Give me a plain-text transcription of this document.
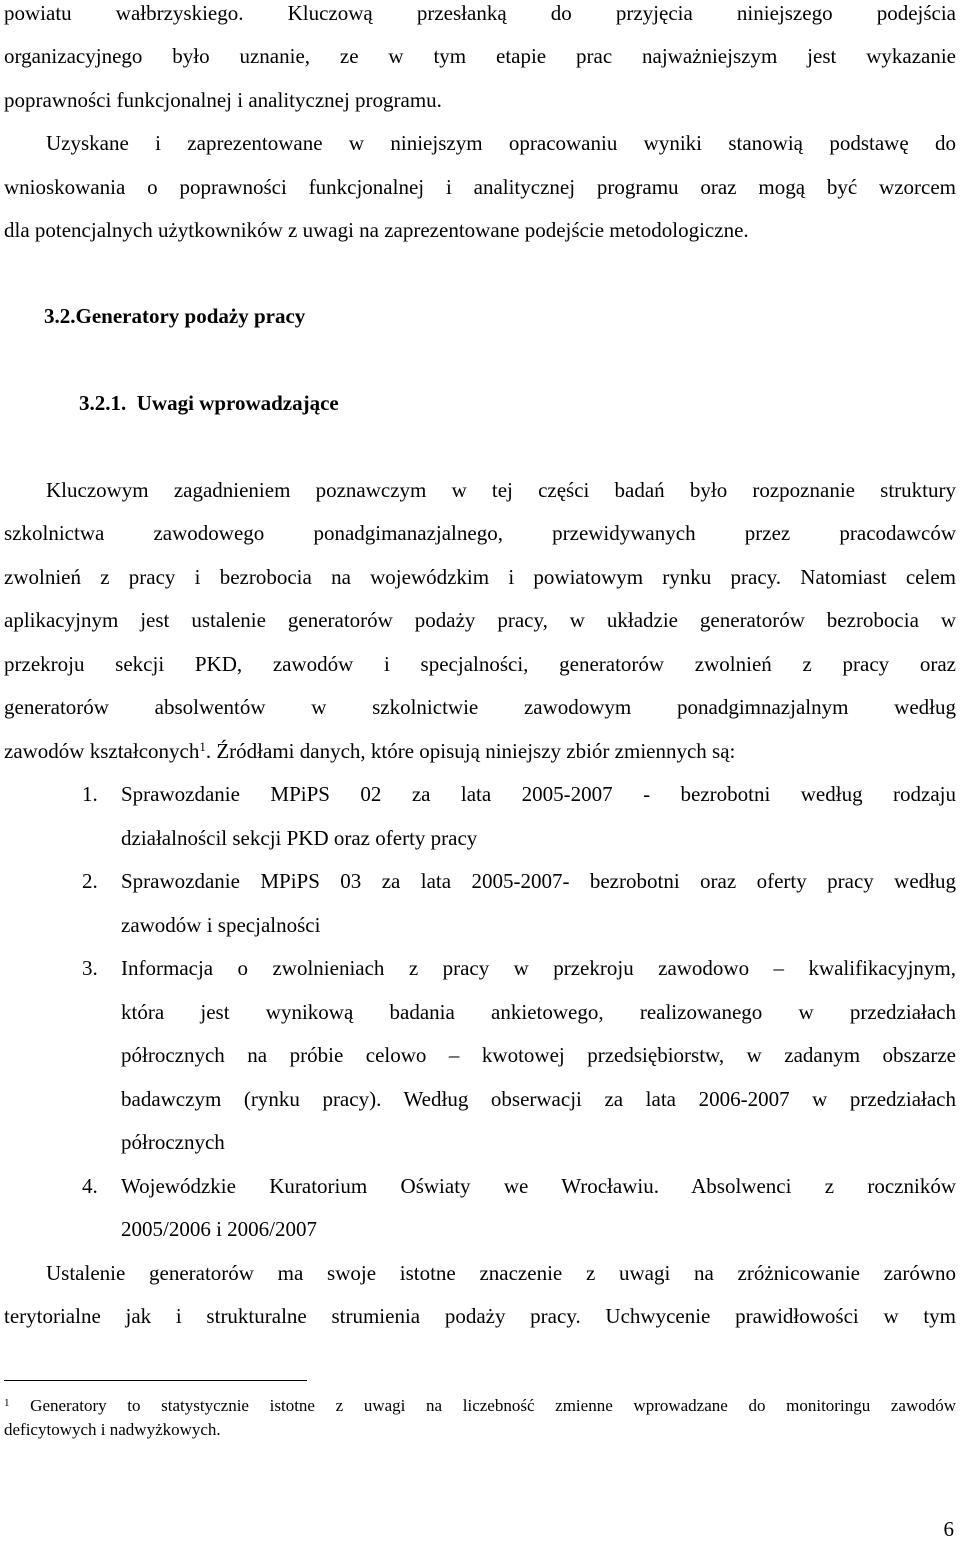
powiatu wałbrzyskiego. Kluczową przesłanką do przyjęcia niniejszego podejścia
organizacyjnego było uznanie, ze w tym etapie prac najważniejszym jest wykazanie
poprawności funkcjonalnej i analitycznej programu.
Uzyskane i zaprezentowane w niniejszym opracowaniu wyniki stanowią podstawę do
wnioskowania o poprawności funkcjonalnej i analitycznej programu oraz mogą być wzorcem
dla potencjalnych użytkowników z uwagi na zaprezentowane podejście metodologiczne.
3.2.Generatory podaży pracy
3.2.1.  Uwagi wprowadzające
Kluczowym zagadnieniem poznawczym w tej części badań było rozpoznanie struktury
szkolnictwa zawodowego ponadgimanazjalnego, przewidywanych przez pracodawców
zwolnień z pracy i bezrobocia na wojewódzkim i powiatowym rynku pracy. Natomiast celem
aplikacyjnym jest ustalenie generatorów podaży pracy, w układzie generatorów bezrobocia w
przekroju sekcji PKD, zawodów i specjalności, generatorów zwolnień z pracy oraz
generatorów absolwentów w szkolnictwie zawodowym ponadgimnazjalnym według
zawodów kształconych$^1$. Źródłami danych, które opisują niniejszy zbiór zmiennych są:
1. Sprawozdanie MPiPS 02 za lata 2005-2007 - bezrobotni według rodzaju
działalnościl sekcji PKD oraz oferty pracy
2. Sprawozdanie MPiPS 03 za lata 2005-2007- bezrobotni oraz oferty pracy według
zawodów i specjalności
3. Informacja o zwolnieniach z pracy w przekroju zawodowo – kwalifikacyjnym,
która jest wynikową badania ankietowego, realizowanego w przedziałach
półrocznych na próbie celowo – kwotowej przedsiębiorstw, w zadanym obszarze
badawczym (rynku pracy). Według obserwacji za lata 2006-2007 w przedziałach
półrocznych
4. Wojewódzkie Kuratorium Oświaty we Wrocławiu. Absolwenci z roczników
2005/2006 i 2006/2007
Ustalenie generatorów ma swoje istotne znaczenie z uwagi na zróżnicowanie zarówno
terytorialne jak i strukturalne strumienia podaży pracy. Uchwycenie prawidłowości w tym
$^1$ Generatory to statystycznie istotne z uwagi na liczebność zmienne wprowadzane do monitoringu zawodów
deficytowych i nadwyżkowych.
6
